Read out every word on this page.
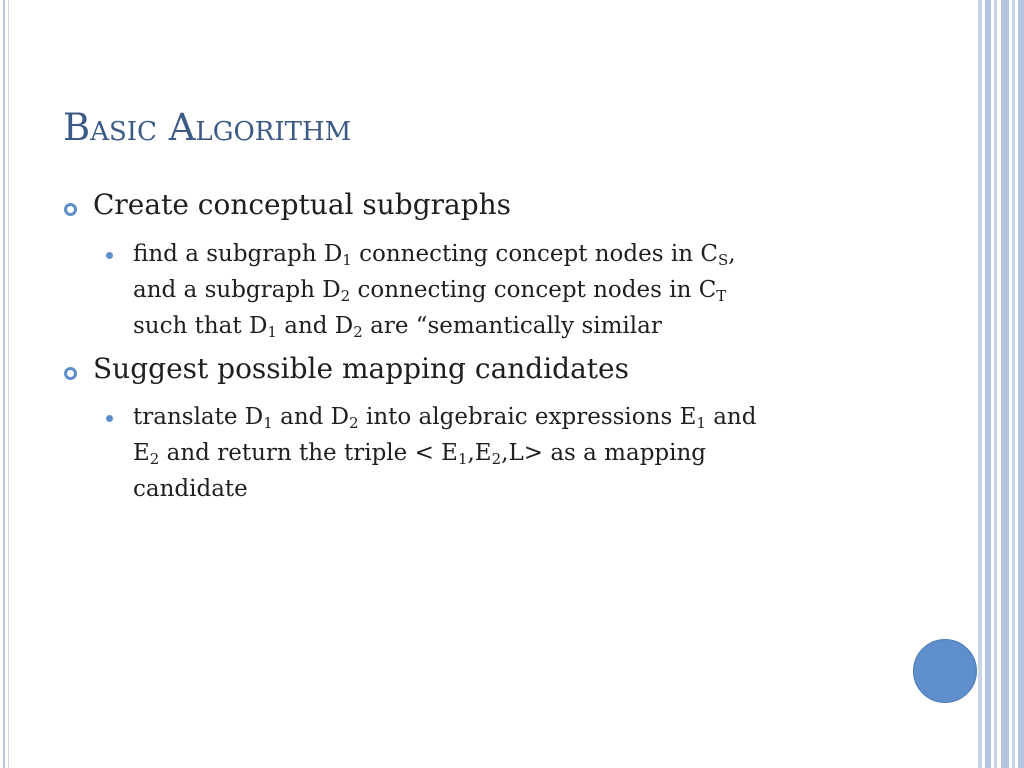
Basic Algorithm
Create conceptual subgraphs
find a subgraph $D_1$ connecting concept nodes in $C_S$,
and a subgraph $D_2$ connecting concept nodes in $C_T$
such that $D_1$ and $D_2$ are “semantically similar
Suggest possible mapping candidates
translate $D_1$ and $D_2$ into algebraic expressions $E_1$ and
$E_2$ and return the triple < $E_1,E_2,L>$ as a mapping
candidate
